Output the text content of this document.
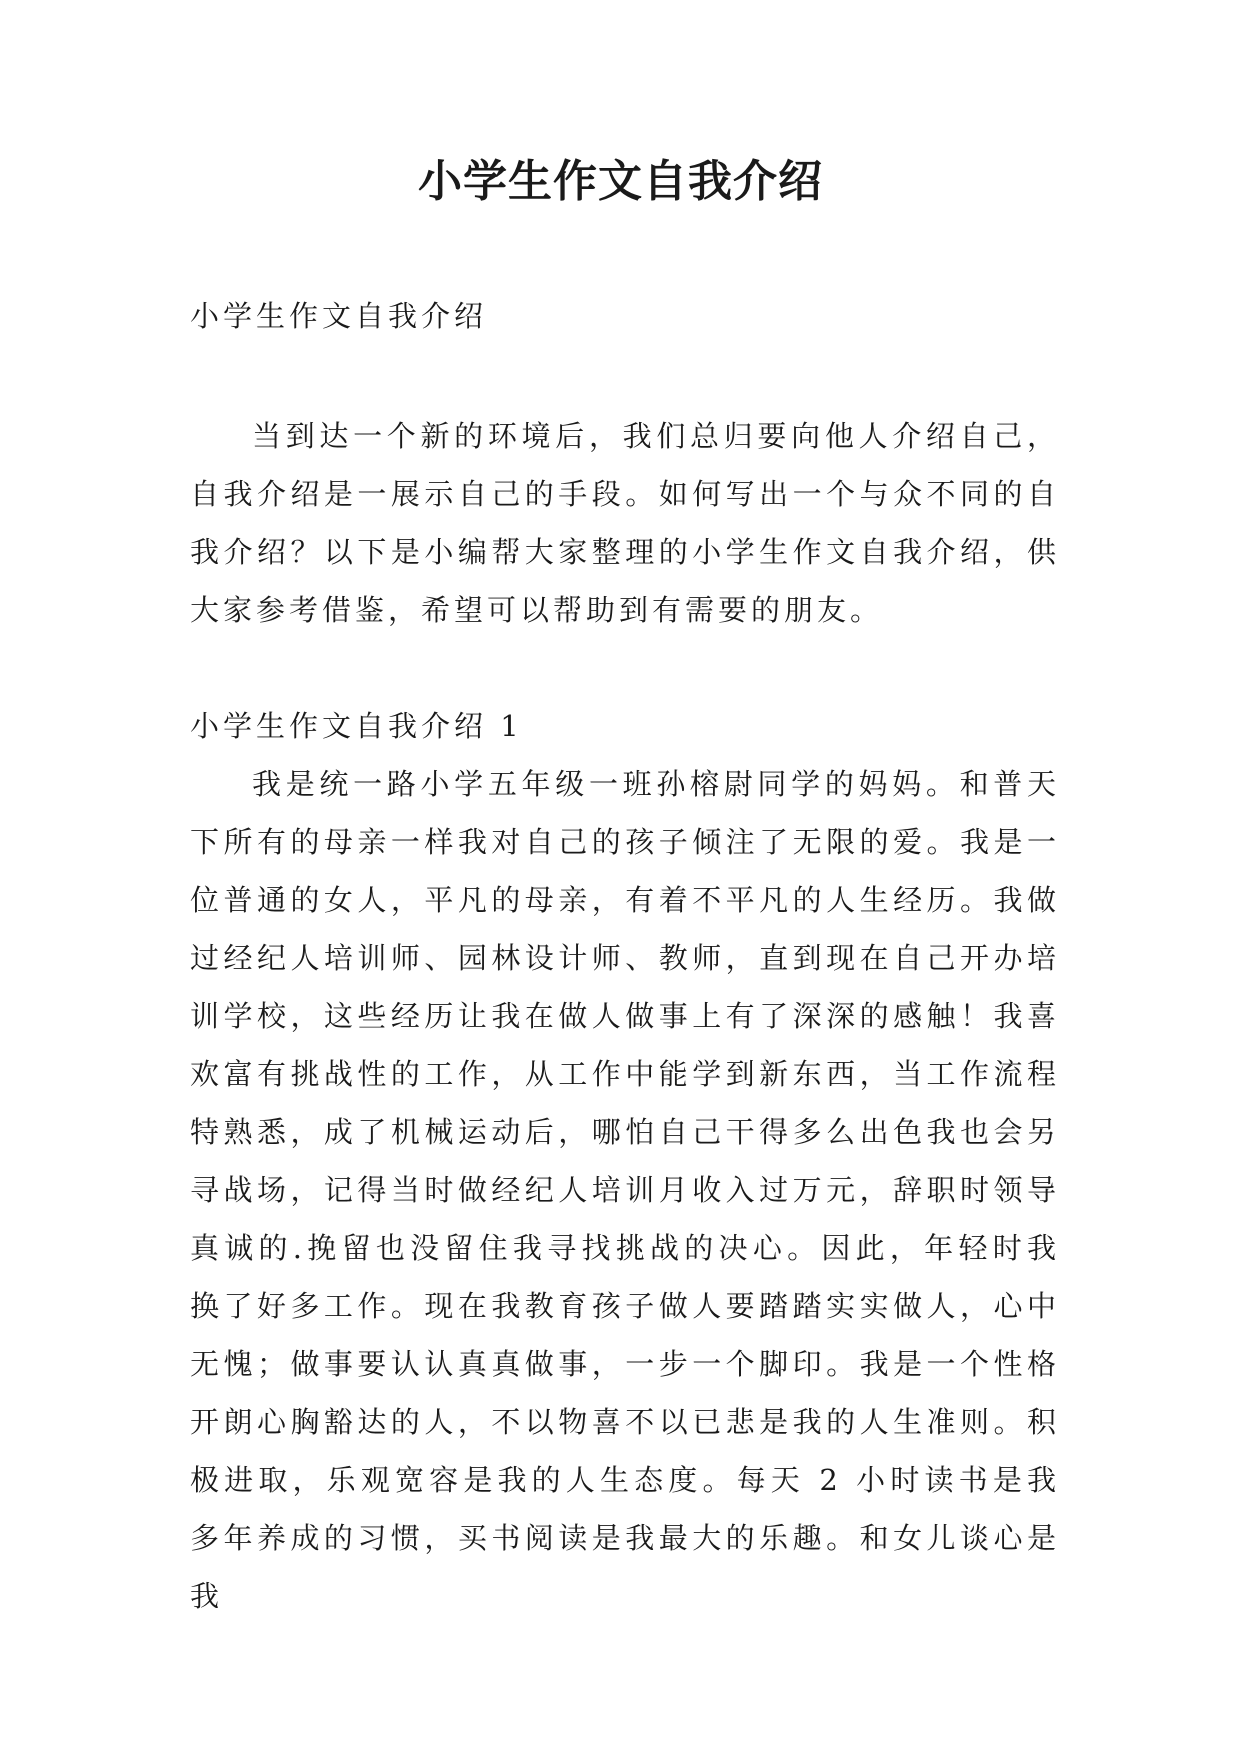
小学生作文自我介绍

小学生作文自我介绍

当到达一个新的环境后，我们总归要向他人介绍自己，自我介绍是一展示自己的手段。如何写出一个与众不同的自我介绍？以下是小编帮大家整理的小学生作文自我介绍，供大家参考借鉴，希望可以帮助到有需要的朋友。

小学生作文自我介绍 1

我是统一路小学五年级一班孙榕尉同学的妈妈。和普天下所有的母亲一样我对自己的孩子倾注了无限的爱。我是一位普通的女人，平凡的母亲，有着不平凡的人生经历。我做过经纪人培训师、园林设计师、教师，直到现在自己开办培训学校，这些经历让我在做人做事上有了深深的感触！我喜欢富有挑战性的工作，从工作中能学到新东西，当工作流程特熟悉，成了机械运动后，哪怕自己干得多么出色我也会另寻战场，记得当时做经纪人培训月收入过万元，辞职时领导真诚的.挽留也没留住我寻找挑战的决心。因此，年轻时我换了好多工作。现在我教育孩子做人要踏踏实实做人，心中无愧；做事要认认真真做事，一步一个脚印。我是一个性格开朗心胸豁达的人，不以物喜不以已悲是我的人生准则。积极进取，乐观宽容是我的人生态度。每天 2 小时读书是我多年养成的习惯，买书阅读是我最大的乐趣。和女儿谈心是我
